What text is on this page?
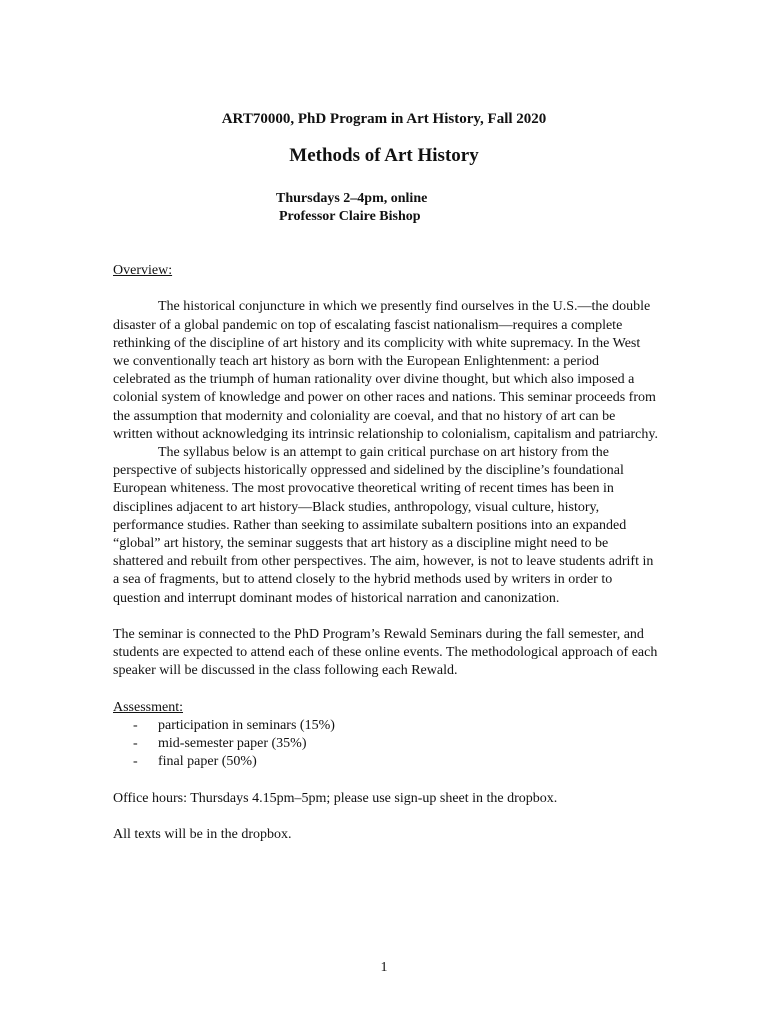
ART70000, PhD Program in Art History, Fall 2020
Methods of Art History
Thursdays 2–4pm, online
Professor Claire Bishop

Overview:

The historical conjuncture in which we presently find ourselves in the U.S.—the double disaster of a global pandemic on top of escalating fascist nationalism—requires a complete rethinking of the discipline of art history and its complicity with white supremacy. In the West we conventionally teach art history as born with the European Enlightenment: a period celebrated as the triumph of human rationality over divine thought, but which also imposed a colonial system of knowledge and power on other races and nations. This seminar proceeds from the assumption that modernity and coloniality are coeval, and that no history of art can be written without acknowledging its intrinsic relationship to colonialism, capitalism and patriarchy.

The syllabus below is an attempt to gain critical purchase on art history from the perspective of subjects historically oppressed and sidelined by the discipline’s foundational European whiteness. The most provocative theoretical writing of recent times has been in disciplines adjacent to art history—Black studies, anthropology, visual culture, history, performance studies. Rather than seeking to assimilate subaltern positions into an expanded “global” art history, the seminar suggests that art history as a discipline might need to be shattered and rebuilt from other perspectives. The aim, however, is not to leave students adrift in a sea of fragments, but to attend closely to the hybrid methods used by writers in order to question and interrupt dominant modes of historical narration and canonization.

The seminar is connected to the PhD Program’s Rewald Seminars during the fall semester, and students are expected to attend each of these online events. The methodological approach of each speaker will be discussed in the class following each Rewald.

Assessment:

- participation in seminars (15%)
- mid-semester paper (35%)
- final paper (50%)

Office hours: Thursdays 4.15pm–5pm; please use sign-up sheet in the dropbox.

All texts will be in the dropbox.

1
